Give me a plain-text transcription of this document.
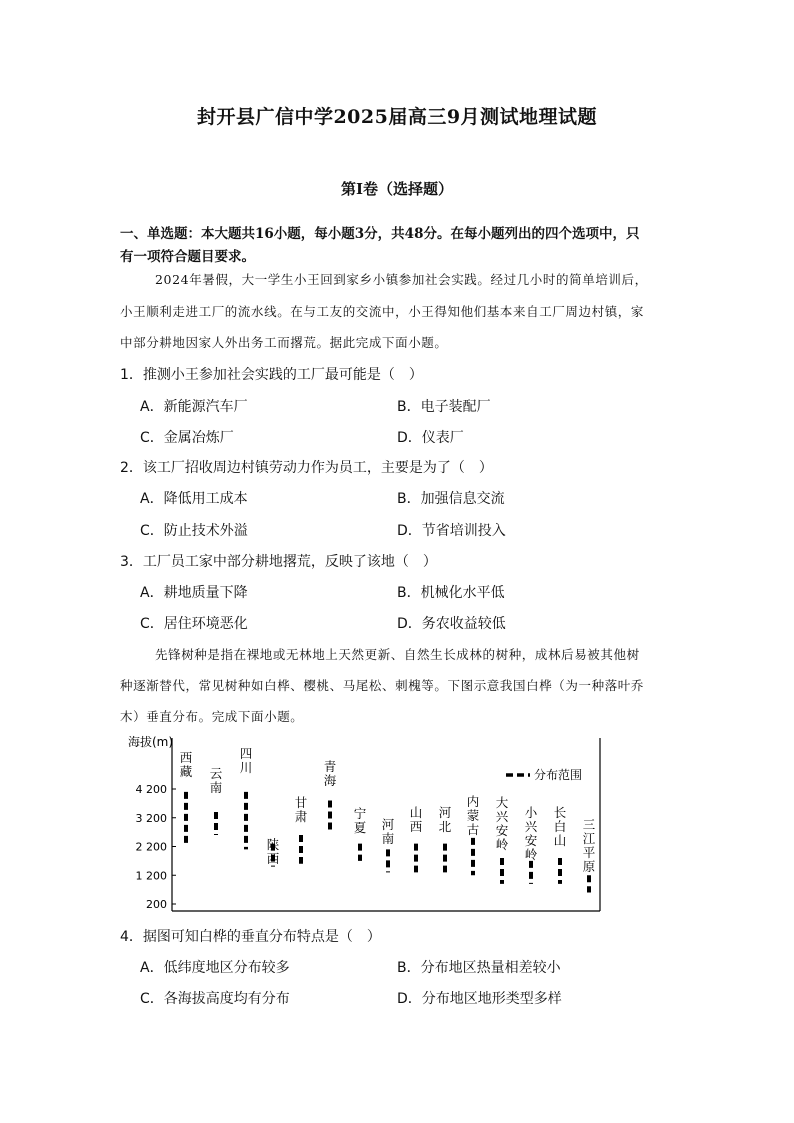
封开县广信中学2025届高三9月测试地理试题
第Ⅰ卷（选择题）
一、单选题：本大题共16小题，每小题3分，共48分。在每小题列出的四个选项中，只
有一项符合题目要求。
2024年暑假，大一学生小王回到家乡小镇参加社会实践。经过几小时的简单培训后，
小王顺利走进工厂的流水线。在与工友的交流中，小王得知他们基本来自工厂周边村镇，家
中部分耕地因家人外出务工而撂荒。据此完成下面小题。
1．推测小王参加社会实践的工厂最可能是（　）
A．新能源汽车厂	B．电子装配厂
C．金属冶炼厂	D．仪表厂
2．该工厂招收周边村镇劳动力作为员工，主要是为了（　）
A．降低用工成本	B．加强信息交流
C．防止技术外溢	D．节省培训投入
3．工厂员工家中部分耕地撂荒，反映了该地（　）
A．耕地质量下降	B．机械化水平低
C．居住环境恶化	D．务农收益较低
先锋树种是指在裸地或无林地上天然更新、自然生长成林的树种，成林后易被其他树
种逐渐替代，常见树种如白桦、樱桃、马尾松、刺槐等。下图示意我国白桦（为一种落叶乔
木）垂直分布。完成下面小题。
海拔(m)
4 200
3 200
2 200
1 200
200
分布范围
西
藏 云
南
四
川
陕
西
甘
肃
青
海
宁
夏 河
南
山
西
河
北
内
蒙
古
大
兴
安
岭
小
兴
安
岭
长
白
山
三
江
平
原
4．据图可知白桦的垂直分布特点是（　）
A．低纬度地区分布较多	B．分布地区热量相差较小
C．各海拔高度均有分布	D．分布地区地形类型多样
